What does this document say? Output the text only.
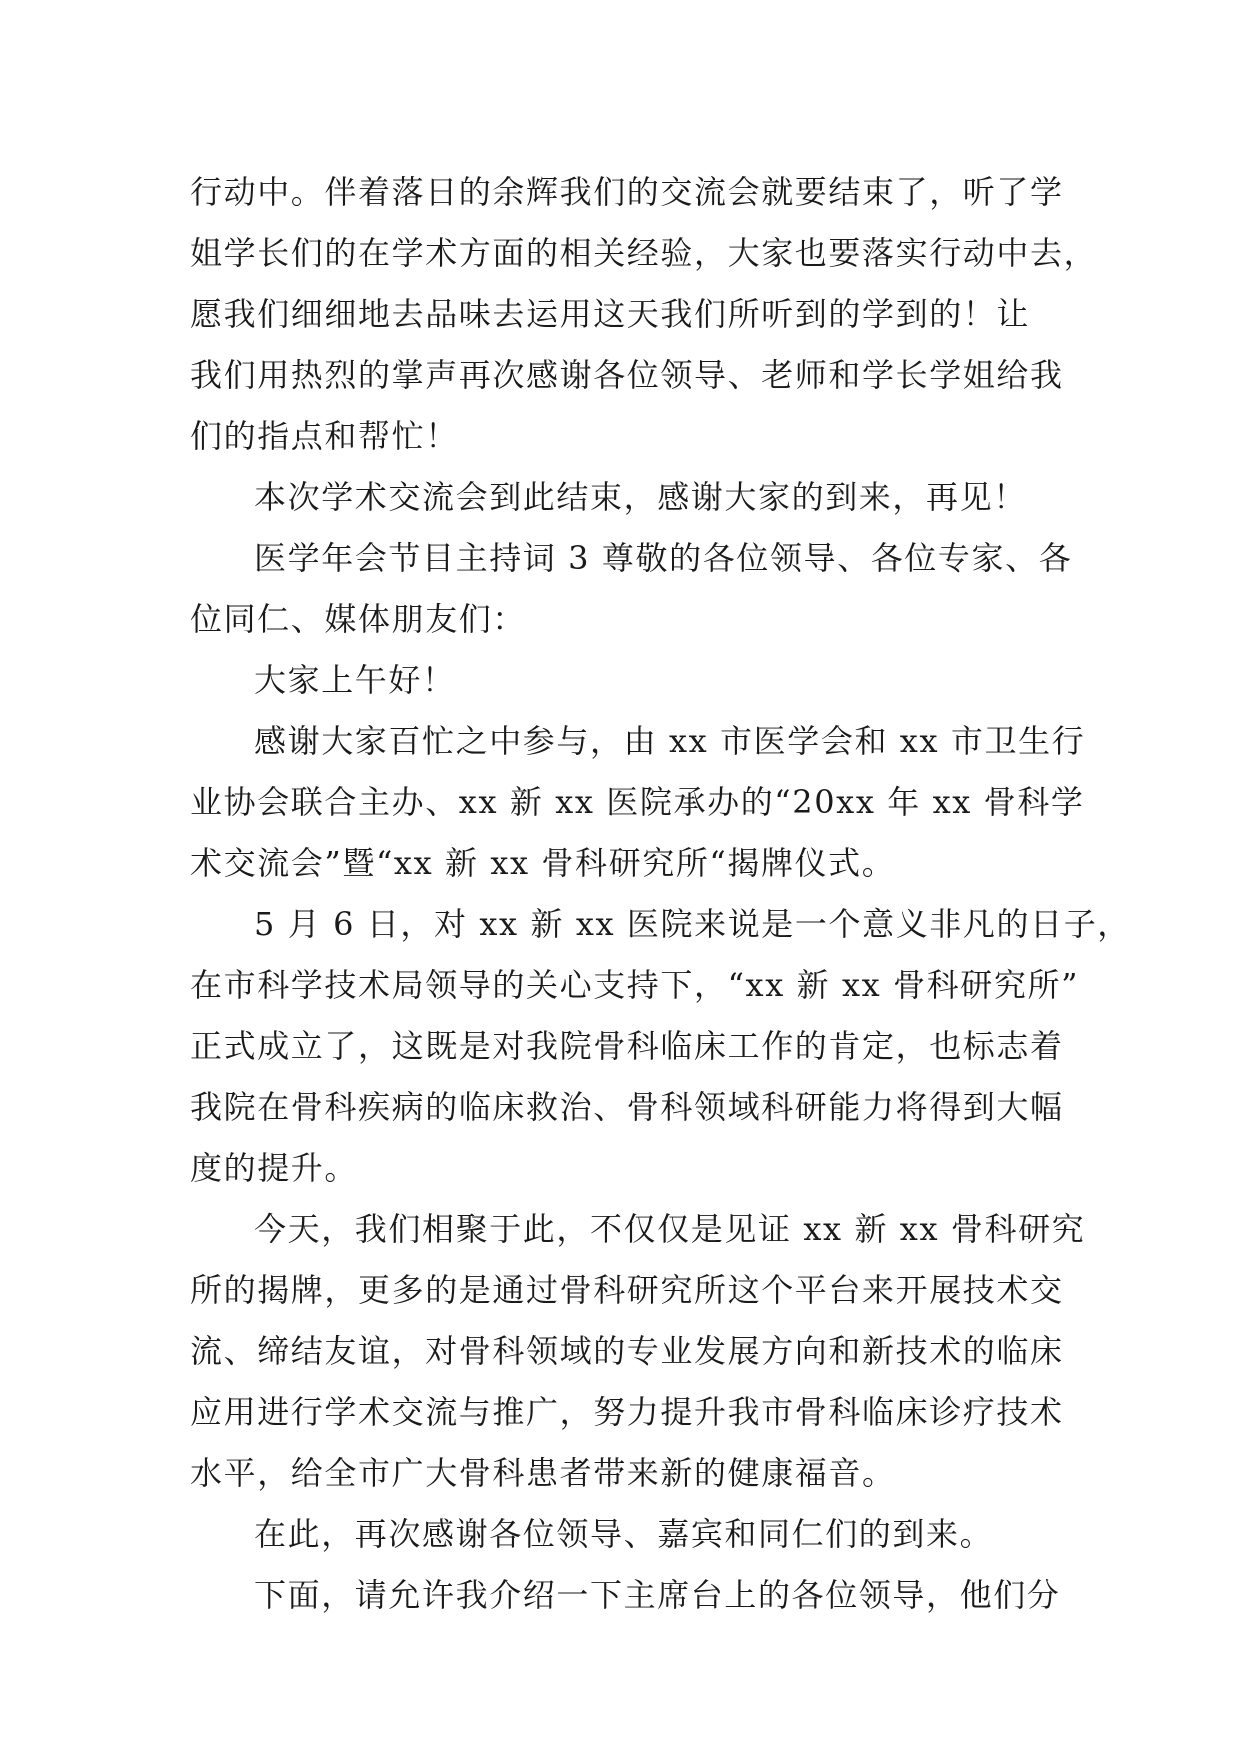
行动中。伴着落日的余辉我们的交流会就要结束了，听了学
姐学长们的在学术方面的相关经验，大家也要落实行动中去，
愿我们细细地去品味去运用这天我们所听到的学到的！让
我们用热烈的掌声再次感谢各位领导、老师和学长学姐给我
们的指点和帮忙！
本次学术交流会到此结束，感谢大家的到来，再见！
医学年会节目主持词 3 尊敬的各位领导、各位专家、各
位同仁、媒体朋友们：
大家上午好！
感谢大家百忙之中参与，由 xx 市医学会和 xx 市卫生行
业协会联合主办、xx 新 xx 医院承办的“20xx 年 xx 骨科学
术交流会”暨“xx 新 xx 骨科研究所“揭牌仪式。
5 月 6 日，对 xx 新 xx 医院来说是一个意义非凡的日子，
在市科学技术局领导的关心支持下，“xx 新 xx 骨科研究所”
正式成立了，这既是对我院骨科临床工作的肯定，也标志着
我院在骨科疾病的临床救治、骨科领域科研能力将得到大幅
度的提升。
今天，我们相聚于此，不仅仅是见证 xx 新 xx 骨科研究
所的揭牌，更多的是通过骨科研究所这个平台来开展技术交
流、缔结友谊，对骨科领域的专业发展方向和新技术的临床
应用进行学术交流与推广，努力提升我市骨科临床诊疗技术
水平，给全市广大骨科患者带来新的健康福音。
在此，再次感谢各位领导、嘉宾和同仁们的到来。
下面，请允许我介绍一下主席台上的各位领导，他们分
